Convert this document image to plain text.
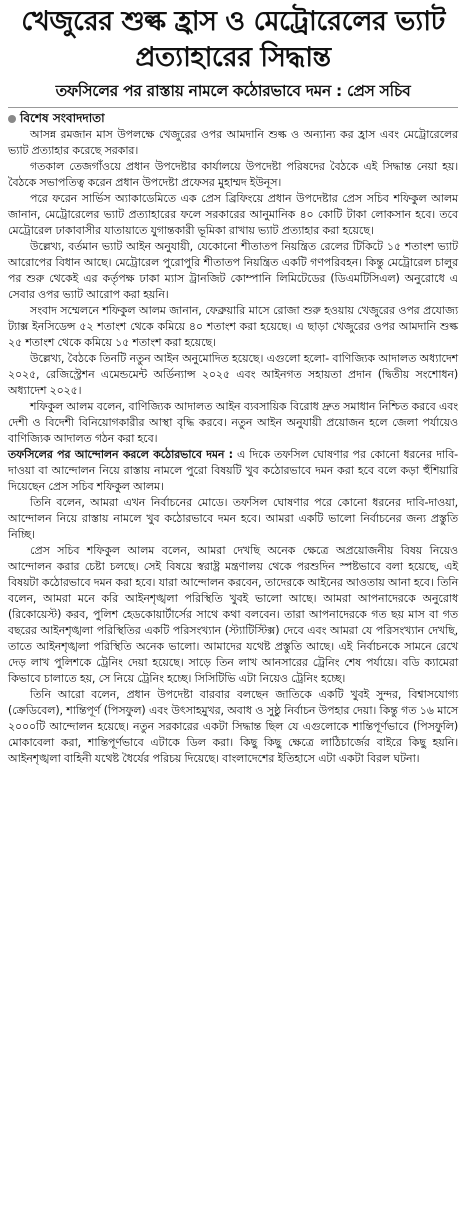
খেজুরের শুল্ক হ্রাস ও মেট্রোরেলের ভ্যাট প্রত্যাহারের সিদ্ধান্ত
তফসিলের পর রাস্তায় নামলে কঠোরভাবে দমন : প্রেস সচিব
বিশেষ সংবাদদাতা

আসন্ন রমজান মাস উপলক্ষে খেজুরের ওপর আমদানি শুল্ক ও অন্যান্য কর হ্রাস এবং মেট্রোরেলের ভ্যাট প্রত্যাহার করেছে সরকার।

গতকাল তেজগাঁওয়ে প্রধান উপদেষ্টার কার্যালয়ে উপদেষ্টা পরিষদের বৈঠকে এই সিদ্ধান্ত নেয়া হয়। বৈঠকে সভাপতিত্ব করেন প্রধান উপদেষ্টা প্রফেসর মুহাম্মদ ইউনূস।

পরে ফরেন সার্ভিস অ্যাকাডেমিতে এক প্রেস ব্রিফিংয়ে প্রধান উপদেষ্টার প্রেস সচিব শফিকুল আলম জানান, মেট্রোরেলের ভ্যাট প্রত্যাহারের ফলে সরকারের আনুমানিক ৪০ কোটি টাকা লোকসান হবে। তবে মেট্রোরেল ঢাকাবাসীর যাতায়াতে যুগান্তকারী ভূমিকা রাখায় ভ্যাট প্রত্যাহার করা হয়েছে।

উল্লেখ্য, বর্তমান ভ্যাট আইন অনুযায়ী, যেকোনো শীতাতপ নিয়ন্ত্রিত রেলের টিকিটে ১৫ শতাংশ ভ্যাট আরোপের বিধান আছে। মেট্রোরেল পুরোপুরি শীতাতপ নিয়ন্ত্রিত একটি গণপরিবহন। কিন্তু মেট্রোরেল চালুর পর শুরু থেকেই এর কর্তৃপক্ষ ঢাকা ম্যাস ট্রানজিট কোম্পানি লিমিটেডের (ডিএমটিসিএল) অনুরোধে এ সেবার ওপর ভ্যাট আরোপ করা হয়নি।

সংবাদ সম্মেলনে শফিকুল আলম জানান, ফেব্রুয়ারি মাসে রোজা শুরু হওয়ায় খেজুরের ওপর প্রযোজ্য ট্যাক্স ইনসিডেন্স ৫২ শতাংশ থেকে কমিয়ে ৪০ শতাংশ করা হয়েছে। এ ছাড়া খেজুরের ওপর আমদানি শুল্ক ২৫ শতাংশ থেকে কমিয়ে ১৫ শতাংশ করা হয়েছে।

উল্লেখ্য, বৈঠকে তিনটি নতুন আইন অনুমোদিত হয়েছে। এগুলো হলো- বাণিজ্যিক আদালত অধ্যাদেশ ২০২৫, রেজিস্ট্রেশন এমেন্ডমেন্ট অর্ডিন্যান্স ২০২৫ এবং আইনগত সহায়তা প্রদান (দ্বিতীয় সংশোধন) অধ্যাদেশ ২০২৫।

শফিকুল আলম বলেন, বাণিজ্যিক আদালত আইন ব্যবসায়িক বিরোধ দ্রুত সমাধান নিশ্চিত করবে এবং দেশী ও বিদেশী বিনিয়োগকারীর আস্থা বৃদ্ধি করবে। নতুন আইন অনুযায়ী প্রয়োজন হলে জেলা পর্যায়েও বাণিজ্যিক আদালত গঠন করা হবে।

তফসিলের পর আন্দোলন করলে কঠোরভাবে দমন : এ দিকে তফসিল ঘোষণার পর কোনো ধরনের দাবি-দাওয়া বা আন্দোলন নিয়ে রাস্তায় নামলে পুরো বিষয়টি খুব কঠোরভাবে দমন করা হবে বলে কড়া হুঁশিয়ারি দিয়েছেন প্রেস সচিব শফিকুল আলম।

তিনি বলেন, আমরা এখন নির্বাচনের মোডে। তফসিল ঘোষণার পরে কোনো ধরনের দাবি-দাওয়া, আন্দোলন নিয়ে রাস্তায় নামলে খুব কঠোরভাবে দমন হবে। আমরা একটি ভালো নির্বাচনের জন্য প্রস্তুতি নিচ্ছি।

প্রেস সচিব শফিকুল আলম বলেন, আমরা দেখছি অনেক ক্ষেত্রে অপ্রয়োজনীয় বিষয় নিয়েও আন্দোলন করার চেষ্টা চলছে। সেই বিষয়ে স্বরাষ্ট্র মন্ত্রণালয় থেকে পরশুদিন স্পষ্টভাবে বলা হয়েছে, এই বিষয়টা কঠোরভাবে দমন করা হবে। যারা আন্দোলন করবেন, তাদেরকে আইনের আওতায় আনা হবে। তিনি বলেন, আমরা মনে করি আইনশৃঙ্খলা পরিস্থিতি খুবই ভালো আছে। আমরা আপনাদেরকে অনুরোধ (রিকোয়েস্ট) করব, পুলিশ হেডকোয়ার্টার্সের সাথে কথা বলবেন। তারা আপনাদেরকে গত ছয় মাস বা গত বছরের আইনশৃঙ্খলা পরিস্থিতির একটি পরিসংখ্যান (স্ট্যাটিস্টিক্স) দেবে এবং আমরা যে পরিসংখ্যান দেখছি, তাতে আইনশৃঙ্খলা পরিস্থিতি অনেক ভালো। আমাদের যথেষ্ট প্রস্তুতি আছে। এই নির্বাচনকে সামনে রেখে দেড় লাখ পুলিশকে ট্রেনিং দেয়া হয়েছে। সাড়ে তিন লাখ আনসারের ট্রেনিং শেষ পর্যায়ে। বডি ক্যামেরা কিভাবে চালাতে হয়, সে নিয়ে ট্রেনিং হচ্ছে। সিসিটিভি এটা নিয়েও ট্রেনিং হচ্ছে।

তিনি আরো বলেন, প্রধান উপদেষ্টা বারবার বলছেন জাতিকে একটি খুবই সুন্দর, বিশ্বাসযোগ্য (ক্রেডিবেল), শান্তিপূর্ণ (পিসফুল) এবং উৎসাহমুখর, অবাধ ও সুষ্ঠু নির্বাচন উপহার দেয়া। কিন্তু গত ১৬ মাসে ২০০০টি আন্দোলন হয়েছে। নতুন সরকারের একটা সিদ্ধান্ত ছিল যে এগুলোকে শান্তিপূর্ণভাবে (পিসফুলি) মোকাবেলা করা, শান্তিপূর্ণভাবে এটাকে ডিল করা। কিছু কিছু ক্ষেত্রে লাঠিচার্জের বাইরে কিছু হয়নি। আইনশৃঙ্খলা বাহিনী যথেষ্ট ধৈর্যের পরিচয় দিয়েছে। বাংলাদেশের ইতিহাসে এটা একটা বিরল ঘটনা।
